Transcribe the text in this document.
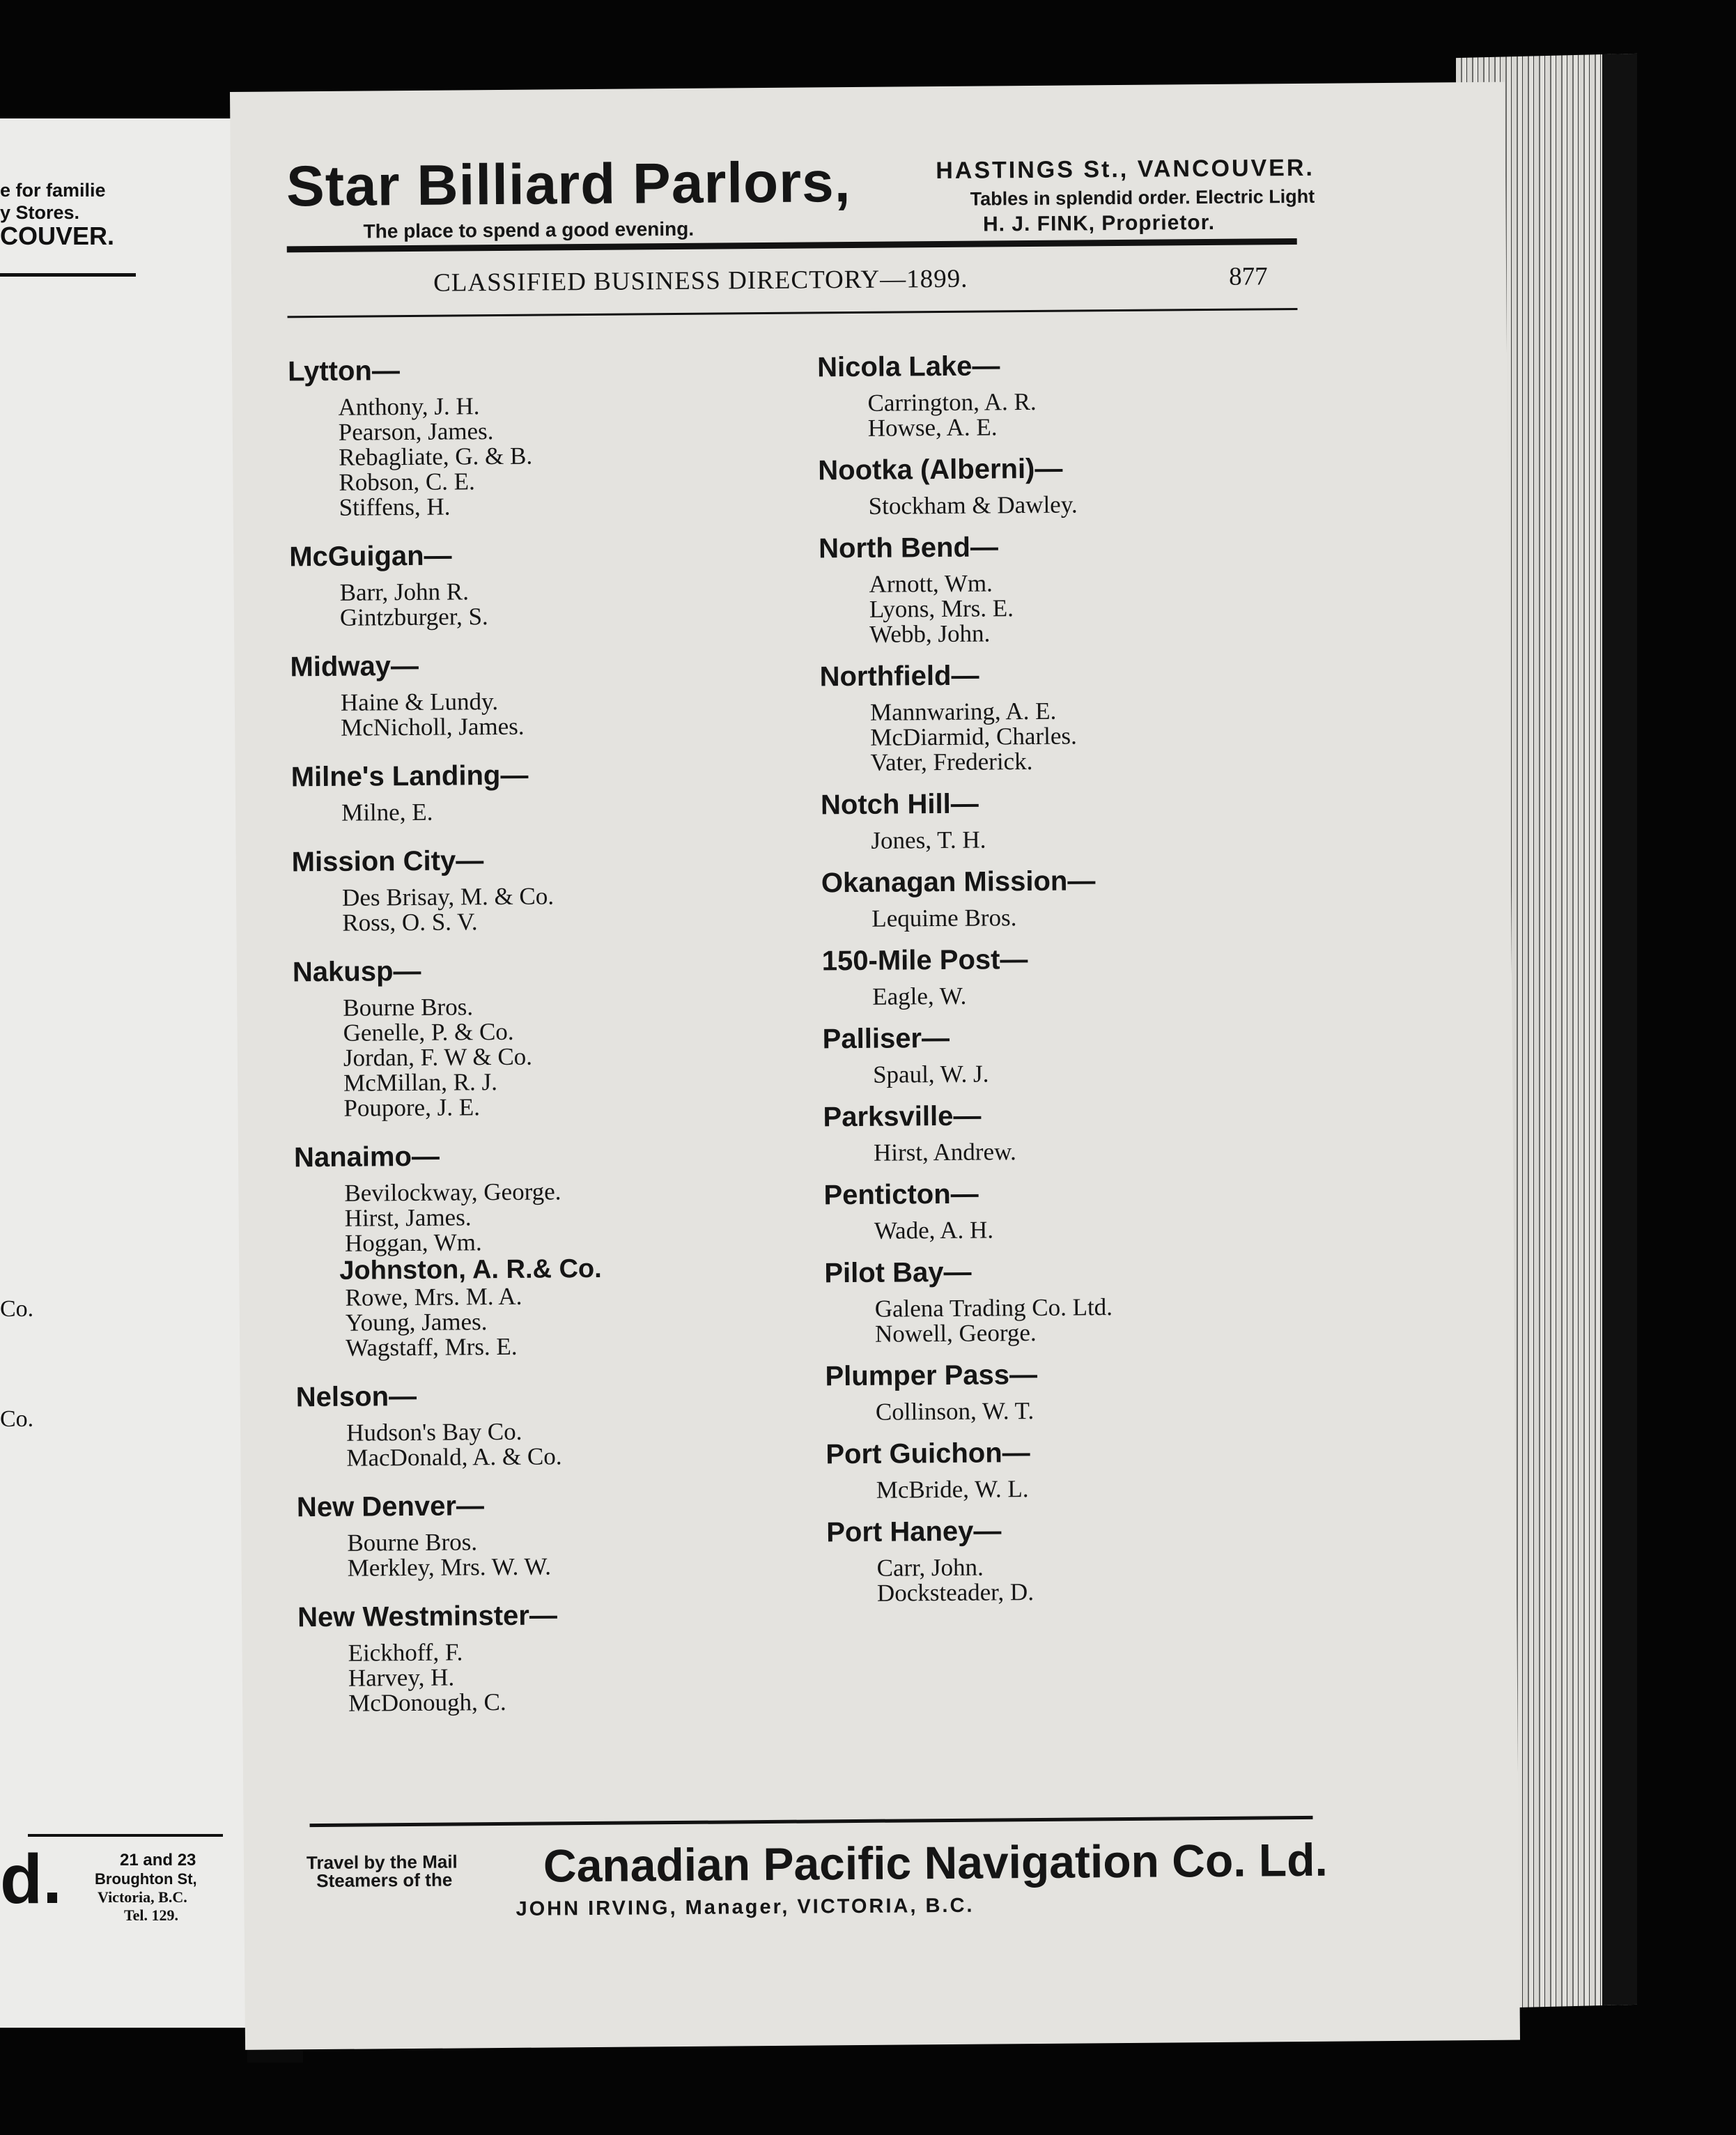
e for familie
y Stores.
COUVER.
Co.
Co.
d.	21 and 23
Broughton St,
Victoria, B.C.
Tel. 129.
Star Billiard Parlors,
The place to spend a good evening.
HASTINGS St., VANCOUVER.
Tables in splendid order. Electric Light
H. J. FINK, Proprietor.
CLASSIFIED BUSINESS DIRECTORY—1899.	877
Lytton—
Anthony, J. H.
Pearson, James.
Rebagliate, G. & B.
Robson, C. E.
Stiffens, H.
McGuigan—
Barr, John R.
Gintzburger, S.
Midway—
Haine & Lundy.
McNicholl, James.
Milne's Landing—
Milne, E.
Mission City—
Des Brisay, M. & Co.
Ross, O. S. V.
Nakusp—
Bourne Bros.
Genelle, P. & Co.
Jordan, F. W & Co.
McMillan, R. J.
Poupore, J. E.
Nanaimo—
Bevilockway, George.
Hirst, James.
Hoggan, Wm.
Johnston, A. R.& Co.
Rowe, Mrs. M. A.
Young, James.
Wagstaff, Mrs. E.
Nelson—
Hudson's Bay Co.
MacDonald, A. & Co.
New Denver—
Bourne Bros.
Merkley, Mrs. W. W.
New Westminster—
Eickhoff, F.
Harvey, H.
McDonough, C.
Nicola Lake—
Carrington, A. R.
Howse, A. E.
Nootka (Alberni)—
Stockham & Dawley.
North Bend—
Arnott, Wm.
Lyons, Mrs. E.
Webb, John.
Northfield—
Mannwaring, A. E.
McDiarmid, Charles.
Vater, Frederick.
Notch Hill—
Jones, T. H.
Okanagan Mission—
Lequime Bros.
150-Mile Post—
Eagle, W.
Palliser—
Spaul, W. J.
Parksville—
Hirst, Andrew.
Penticton—
Wade, A. H.
Pilot Bay—
Galena Trading Co. Ltd.
Nowell, George.
Plumper Pass—
Collinson, W. T.
Port Guichon—
McBride, W. L.
Port Haney—
Carr, John.
Docksteader, D.
Travel by the Mail
Steamers of the Canadian Pacific Navigation Co. Ld.
JOHN IRVING, Manager, VICTORIA, B.C.
